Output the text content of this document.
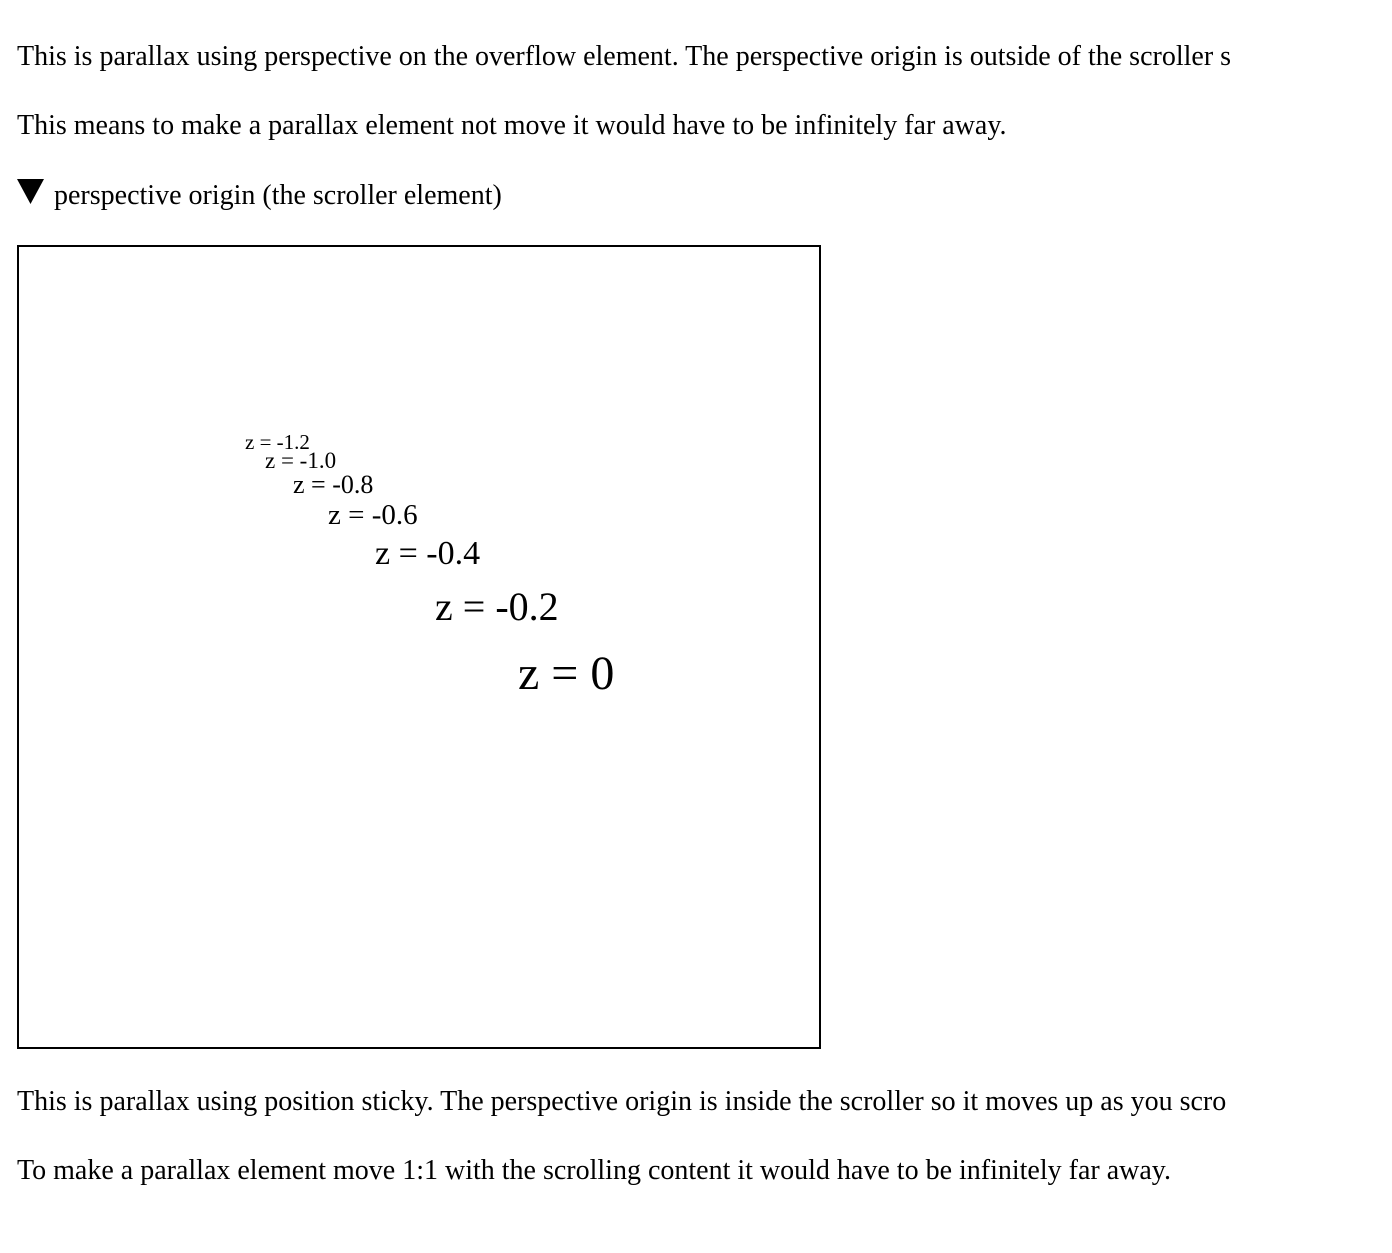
This is parallax using perspective on the overflow element. The perspective origin is outside of the scroller s

This means to make a parallax element not move it would have to be infinitely far away.

perspective origin (the scroller element)

z = -1.2
z = -1.0
z = -0.8
z = -0.6
z = -0.4
z = -0.2
z = 0

This is parallax using position sticky. The perspective origin is inside the scroller so it moves up as you scro

To make a parallax element move 1:1 with the scrolling content it would have to be infinitely far away.
